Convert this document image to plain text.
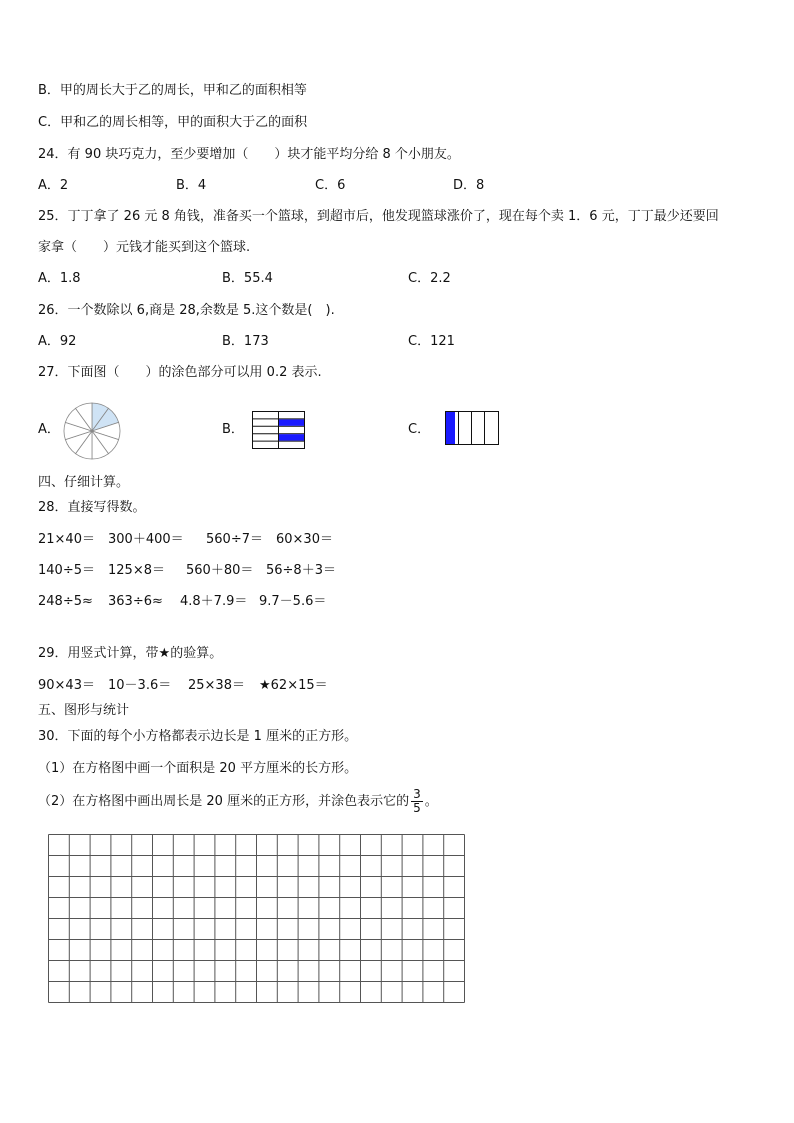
B．甲的周长大于乙的周长，甲和乙的面积相等
C．甲和乙的周长相等，甲的面积大于乙的面积
24．有 90 块巧克力，至少要增加（　　）块才能平均分给 8 个小朋友。
A．2	B．4	C．6	D．8
25．丁丁拿了 26 元 8 角钱，准备买一个篮球，到超市后，他发现篮球涨价了，现在每个卖 1．6 元，丁丁最少还要回
家拿（　　）元钱才能买到这个篮球.
A．1.8	B．55.4	C．2.2
26．一个数除以 6,商是 28,余数是 5.这个数是(　).
A．92	B．173	C．121
27．下面图（　　）的涂色部分可以用 0.2 表示.
A．	B．	C．
四、仔细计算。
28．直接写得数。
21×40＝ 300＋400＝ 560÷7＝ 60×30＝
140÷5＝ 125×8＝ 560＋80＝ 56÷8＋3＝
248÷5≈ 363÷6≈ 4.8＋7.9＝ 9.7－5.6＝
29．用竖式计算，带★的验算。
90×43＝ 10－3.6＝ 25×38＝ ★62×15＝
五、图形与统计
30．下面的每个小方格都表示边长是 1 厘米的正方形。
（1）在方格图中画一个面积是 20 平方厘米的长方形。
（2）在方格图中画出周长是 20 厘米的正方形，并涂色表示它的 $\frac{3}{5}$ 。
